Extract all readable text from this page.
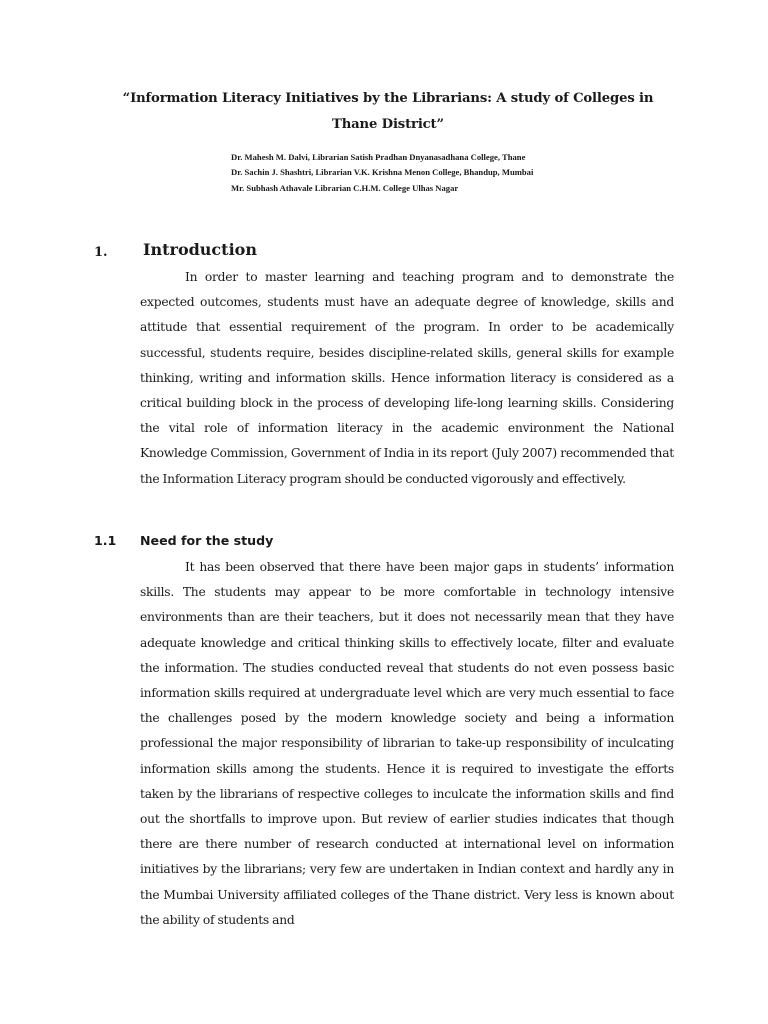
“Information Literacy Initiatives by the Librarians: A study of Colleges in Thane District”
Dr. Mahesh M. Dalvi, Librarian Satish Pradhan Dnyanasadhana College, Thane
Dr. Sachin J. Shashtri, Librarian V.K. Krishna Menon College, Bhandup, Mumbai
Mr. Subhash Athavale Librarian C.H.M. College Ulhas Nagar
1. Introduction

In order to master learning and teaching program and to demonstrate the expected outcomes, students must have an adequate degree of knowledge, skills and attitude that essential requirement of the program. In order to be academically successful, students require, besides discipline-related skills, general skills for example thinking, writing and information skills. Hence information literacy is considered as a critical building block in the process of developing life-long learning skills. Considering the vital role of information literacy in the academic environment the National Knowledge Commission, Government of India in its report (July 2007) recommended that the Information Literacy program should be conducted vigorously and effectively.

1.1 Need for the study

It has been observed that there have been major gaps in students’ information skills. The students may appear to be more comfortable in technology intensive environments than are their teachers, but it does not necessarily mean that they have adequate knowledge and critical thinking skills to effectively locate, filter and evaluate the information. The studies conducted reveal that students do not even possess basic information skills required at undergraduate level which are very much essential to face the challenges posed by the modern knowledge society and being a information professional the major responsibility of librarian to take-up responsibility of inculcating information skills among the students. Hence it is required to investigate the efforts taken by the librarians of respective colleges to inculcate the information skills and find out the shortfalls to improve upon. But review of earlier studies indicates that though there are there number of research conducted at international level on information initiatives by the librarians; very few are undertaken in Indian context and hardly any in the Mumbai University affiliated colleges of the Thane district. Very less is known about the ability of students and
